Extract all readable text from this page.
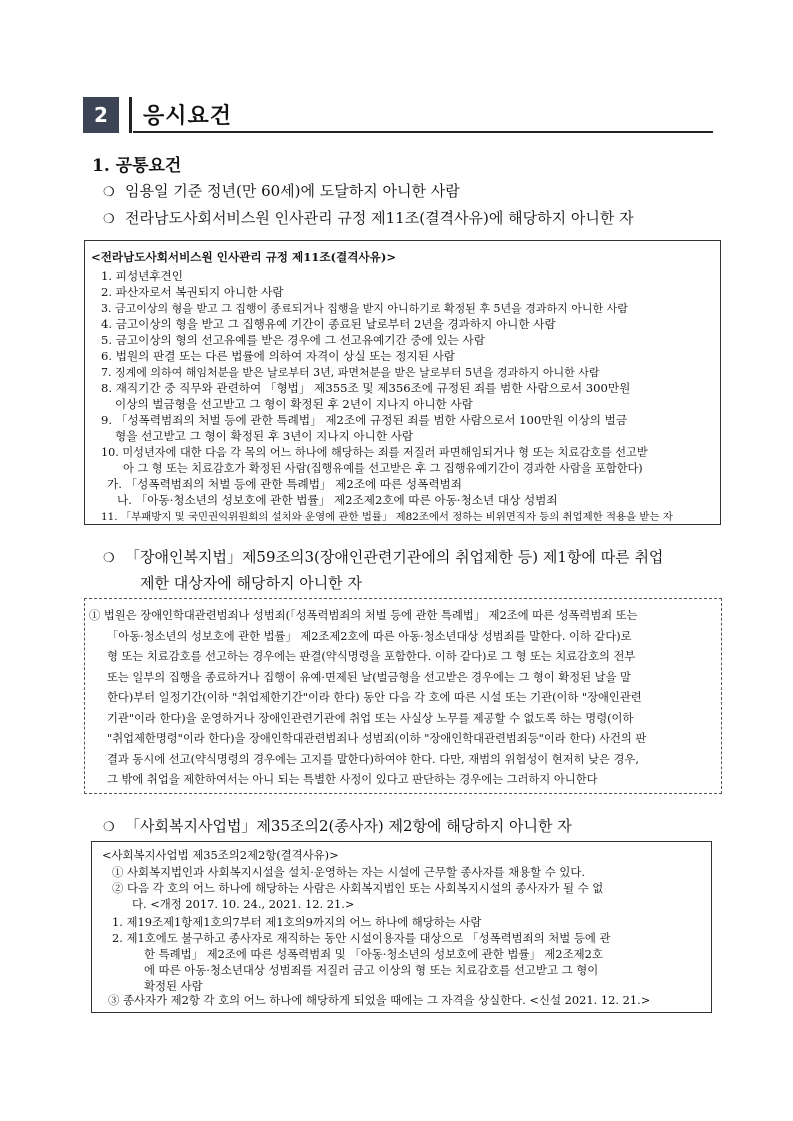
2	응시요건
1. 공통요건
❍ 임용일 기준 정년(만 60세)에 도달하지 아니한 사람
❍ 전라남도사회서비스원 인사관리 규정 제11조(결격사유)에 해당하지 아니한 자
<전라남도사회서비스원 인사관리 규정 제11조(결격사유)>
1. 피성년후견인
2. 파산자로서 복권되지 아니한 사람
3. 금고이상의 형을 받고 그 집행이 종료되거나 집행을 받지 아니하기로 확정된 후 5년을 경과하지 아니한 사람
4. 금고이상의 형을 받고 그 집행유예 기간이 종료된 날로부터 2년을 경과하지 아니한 사람
5. 금고이상의 형의 선고유예를 받은 경우에 그 선고유예기간 중에 있는 사람
6. 법원의 판결 또는 다른 법률에 의하여 자격이 상실 또는 정지된 사람
7. 징계에 의하여 해임처분을 받은 날로부터 3년, 파면처분을 받은 날로부터 5년을 경과하지 아니한 사람
8. 재직기간 중 직무와 관련하여 「형법」 제355조 및 제356조에 규정된 죄를 범한 사람으로서 300만원
이상의 벌금형을 선고받고 그 형이 확정된 후 2년이 지나지 아니한 사람
9. 「성폭력범죄의 처벌 등에 관한 특례법」 제2조에 규정된 죄를 범한 사람으로서 100만원 이상의 벌금
형을 선고받고 그 형이 확정된 후 3년이 지나지 아니한 사람
10. 미성년자에 대한 다음 각 목의 어느 하나에 해당하는 죄를 저질러 파면해임되거나 형 또는 치료감호를 선고받
아 그 형 또는 치료감호가 확정된 사람(집행유예를 선고받은 후 그 집행유예기간이 경과한 사람을 포함한다)
가. 「성폭력범죄의 처벌 등에 관한 특례법」 제2조에 따른 성폭력범죄
나. 「아동·청소년의 성보호에 관한 법률」 제2조제2호에 따른 아동·청소년 대상 성범죄
11. 「부패방지 및 국민권익위원회의 설치와 운영에 관한 법률」 제82조에서 정하는 비위면직자 등의 취업제한 적용을 받는 자
❍ 「장애인복지법」제59조의3(장애인관련기관에의 취업제한 등) 제1항에 따른 취업
제한 대상자에 해당하지 아니한 자
① 법원은 장애인학대관련범죄나 성범죄(「성폭력범죄의 처벌 등에 관한 특례법」 제2조에 따른 성폭력범죄 또는
「아동·청소년의 성보호에 관한 법률」 제2조제2호에 따른 아동·청소년대상 성범죄를 말한다. 이하 같다)로
형 또는 치료감호를 선고하는 경우에는 판결(약식명령을 포함한다. 이하 같다)로 그 형 또는 치료감호의 전부
또는 일부의 집행을 종료하거나 집행이 유예·면제된 날(벌금형을 선고받은 경우에는 그 형이 확정된 날을 말
한다)부터 일정기간(이하 "취업제한기간"이라 한다) 동안 다음 각 호에 따른 시설 또는 기관(이하 "장애인관련
기관"이라 한다)을 운영하거나 장애인관련기관에 취업 또는 사실상 노무를 제공할 수 없도록 하는 명령(이하
"취업제한명령"이라 한다)을 장애인학대관련범죄나 성범죄(이하 "장애인학대관련범죄등"이라 한다) 사건의 판
결과 동시에 선고(약식명령의 경우에는 고지를 말한다)하여야 한다. 다만, 재범의 위험성이 현저히 낮은 경우,
그 밖에 취업을 제한하여서는 아니 되는 특별한 사정이 있다고 판단하는 경우에는 그러하지 아니한다
❍ 「사회복지사업법」제35조의2(종사자) 제2항에 해당하지 아니한 자
<사회복지사업법 제35조의2제2항(결격사유)>
① 사회복지법인과 사회복지시설을 설치·운영하는 자는 시설에 근무할 종사자를 채용할 수 있다.
② 다음 각 호의 어느 하나에 해당하는 사람은 사회복지법인 또는 사회복지시설의 종사자가 될 수 없
다. <개정 2017. 10. 24., 2021. 12. 21.>
1. 제19조제1항제1호의7부터 제1호의9까지의 어느 하나에 해당하는 사람
2. 제1호에도 불구하고 종사자로 재직하는 동안 시설이용자를 대상으로 「성폭력범죄의 처벌 등에 관
한 특례법」 제2조에 따른 성폭력범죄 및 「아동·청소년의 성보호에 관한 법률」 제2조제2호
에 따른 아동·청소년대상 성범죄를 저질러 금고 이상의 형 또는 치료감호를 선고받고 그 형이
확정된 사람
③ 종사자가 제2항 각 호의 어느 하나에 해당하게 되었을 때에는 그 자격을 상실한다. <신설 2021. 12. 21.>
